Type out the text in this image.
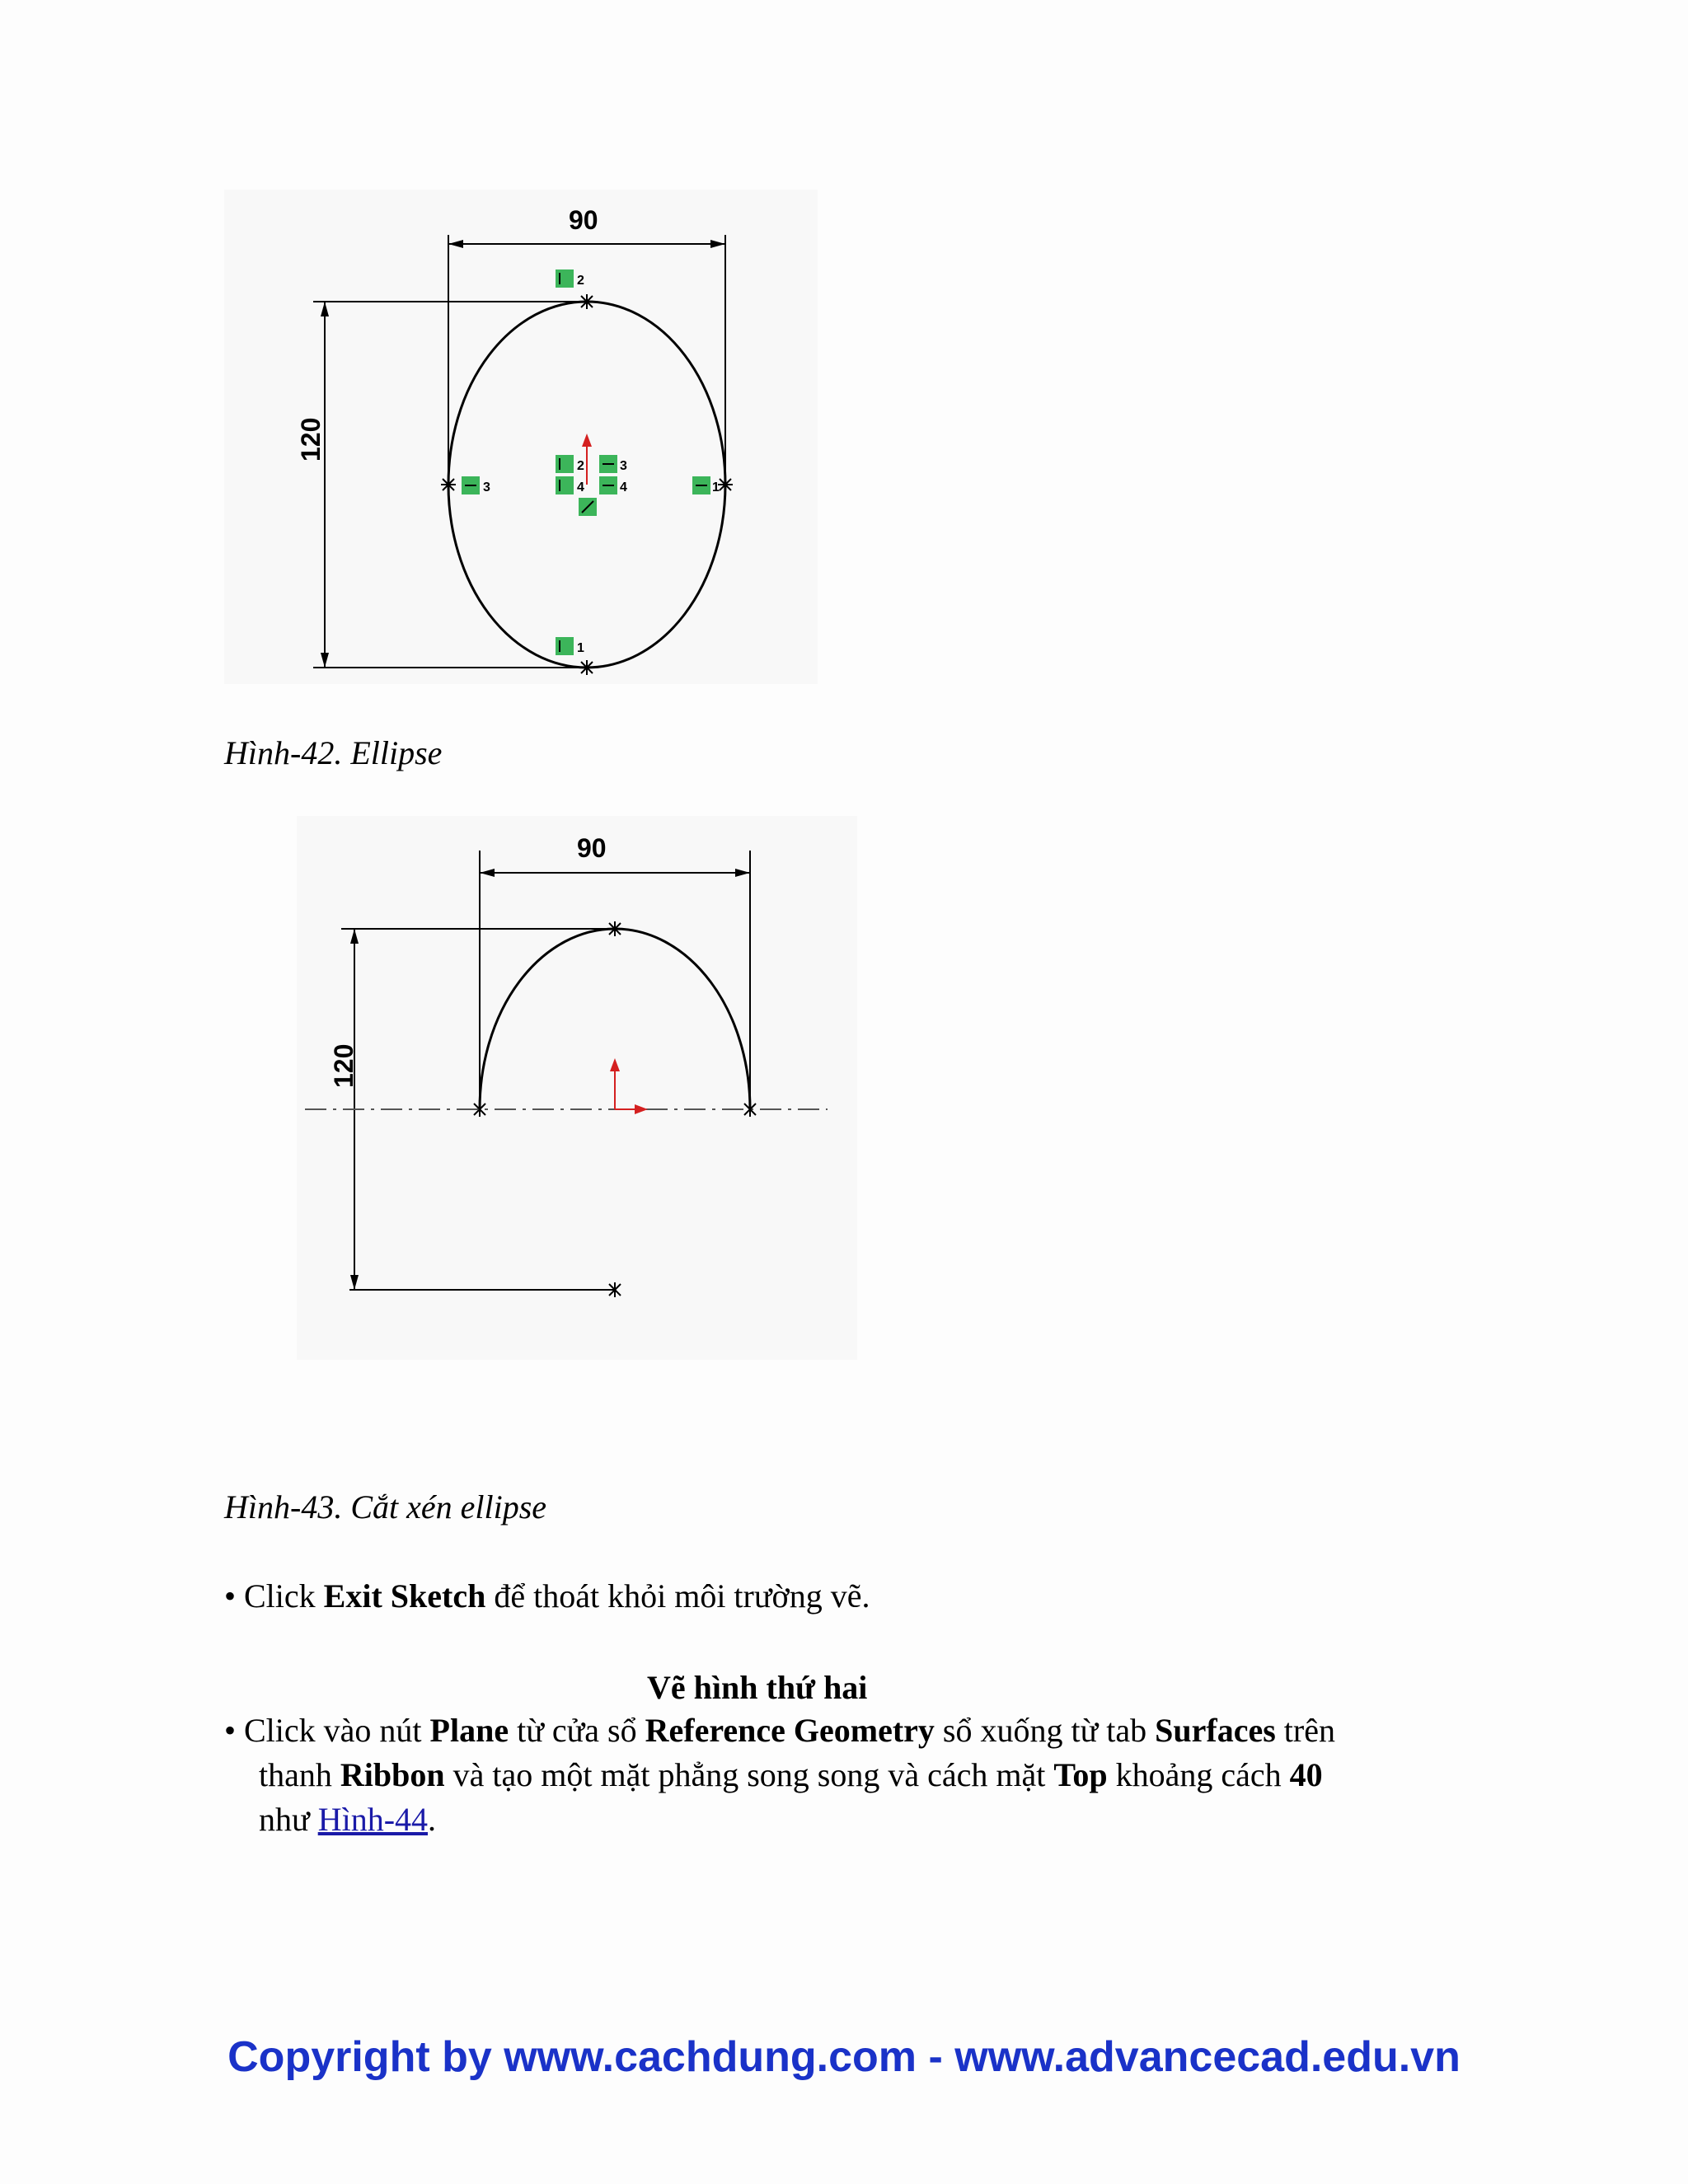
90
120
2
1
3
2
4
3
4	1
Hình-42. Ellipse
90
120
Hình-43. Cắt xén ellipse
• Click Exit Sketch để thoát khỏi môi trường vẽ.
Vẽ hình thứ hai
• Click vào nút Plane từ cửa sổ Reference Geometry sổ xuống từ tab Surfaces trên
thanh Ribbon và tạo một mặt phẳng song song và cách mặt Top khoảng cách 40
như Hình-44.
Copyright by www.cachdung.com - www.advancecad.edu.vn
